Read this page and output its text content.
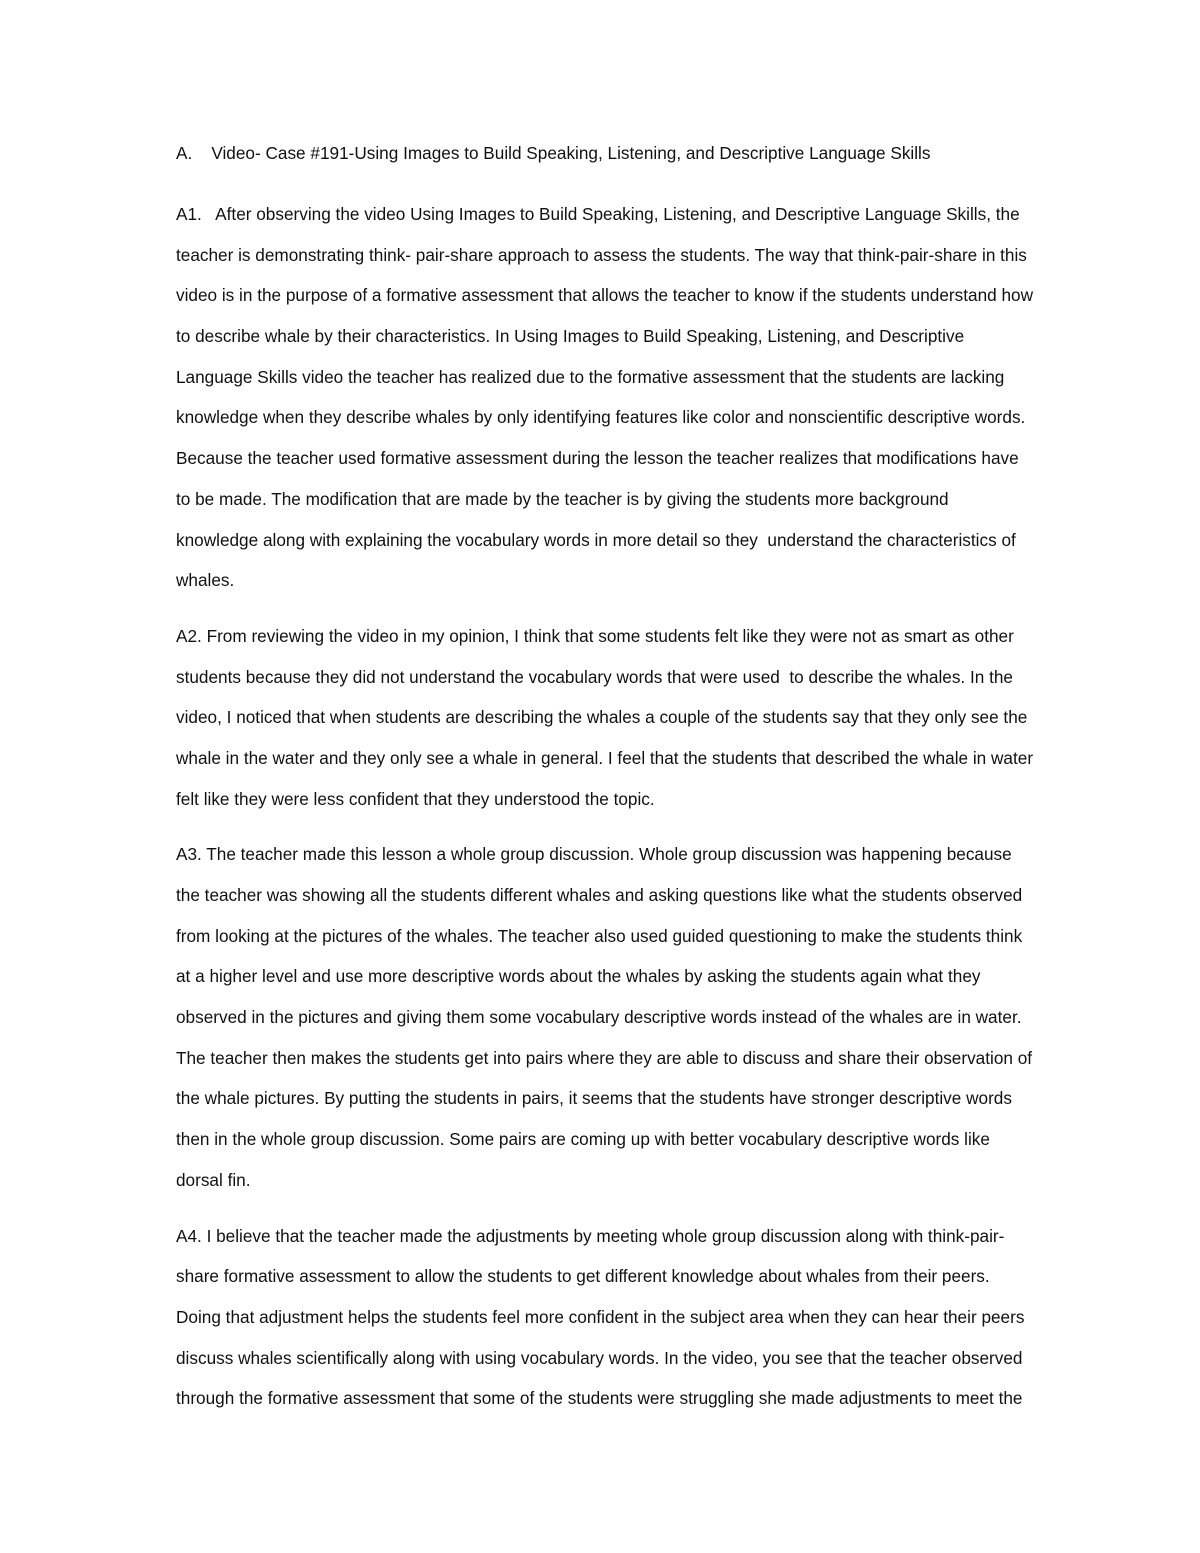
A.    Video- Case #191-Using Images to Build Speaking, Listening, and Descriptive Language Skills
A1.   After observing the video Using Images to Build Speaking, Listening, and Descriptive Language Skills, the
teacher is demonstrating think- pair-share approach to assess the students. The way that think-pair-share in this
video is in the purpose of a formative assessment that allows the teacher to know if the students understand how
to describe whale by their characteristics. In Using Images to Build Speaking, Listening, and Descriptive
Language Skills video the teacher has realized due to the formative assessment that the students are lacking
knowledge when they describe whales by only identifying features like color and nonscientific descriptive words.
Because the teacher used formative assessment during the lesson the teacher realizes that modifications have
to be made. The modification that are made by the teacher is by giving the students more background
knowledge along with explaining the vocabulary words in more detail so they  understand the characteristics of
whales.
A2. From reviewing the video in my opinion, I think that some students felt like they were not as smart as other
students because they did not understand the vocabulary words that were used  to describe the whales. In the
video, I noticed that when students are describing the whales a couple of the students say that they only see the
whale in the water and they only see a whale in general. I feel that the students that described the whale in water
felt like they were less confident that they understood the topic.
A3. The teacher made this lesson a whole group discussion. Whole group discussion was happening because
the teacher was showing all the students different whales and asking questions like what the students observed
from looking at the pictures of the whales. The teacher also used guided questioning to make the students think
at a higher level and use more descriptive words about the whales by asking the students again what they
observed in the pictures and giving them some vocabulary descriptive words instead of the whales are in water.
The teacher then makes the students get into pairs where they are able to discuss and share their observation of
the whale pictures. By putting the students in pairs, it seems that the students have stronger descriptive words
then in the whole group discussion. Some pairs are coming up with better vocabulary descriptive words like
dorsal fin.
A4. I believe that the teacher made the adjustments by meeting whole group discussion along with think-pair-
share formative assessment to allow the students to get different knowledge about whales from their peers.
Doing that adjustment helps the students feel more confident in the subject area when they can hear their peers
discuss whales scientifically along with using vocabulary words. In the video, you see that the teacher observed
through the formative assessment that some of the students were struggling she made adjustments to meet the
